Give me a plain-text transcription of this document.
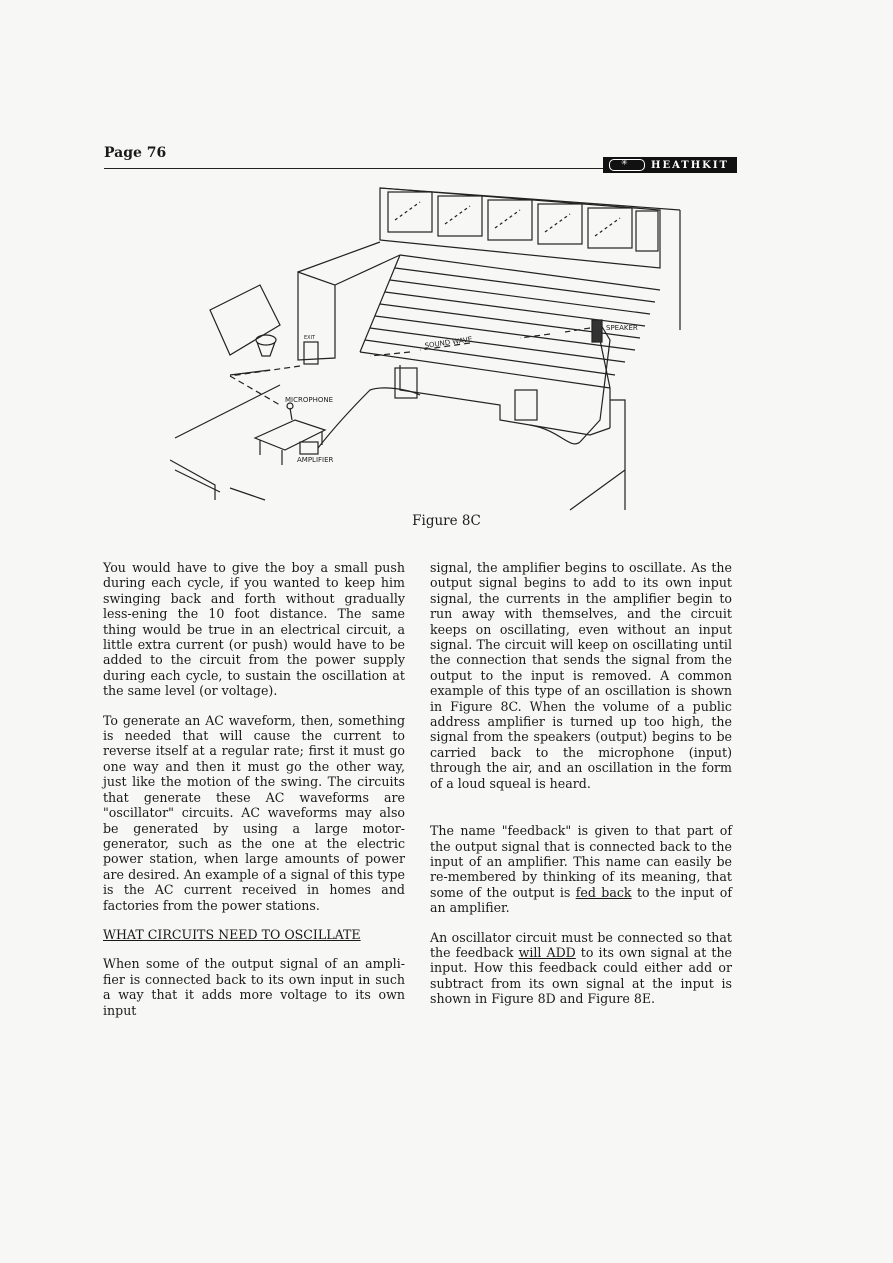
Page 76
✳
HEATHKIT
SPEAKER
SOUND WAVE
EXIT
MICROPHONE
AMPLIFIER
Figure 8C

You would have to give the boy a small push during each cycle, if you wanted to keep him swinging back and forth without gradually less-ening the 10 foot distance. The same thing would be true in an electrical circuit, a little extra current (or push) would have to be added to the circuit from the power supply during each cycle, to sustain the oscillation at the same level (or voltage).

To generate an AC waveform, then, something is needed that will cause the current to reverse itself at a regular rate; first it must go one way and then it must go the other way, just like the motion of the swing. The circuits that generate these AC waveforms are "oscillator" circuits. AC waveforms may also be generated by using a large motor-generator, such as the one at the electric power station, when large amounts of power are desired. An example of a signal of this type is the AC current received in homes and factories from the power stations.

WHAT CIRCUITS NEED TO OSCILLATE

When some of the output signal of an ampli-fier is connected back to its own input in such a way that it adds more voltage to its own input

signal, the amplifier begins to oscillate. As the output signal begins to add to its own input signal, the currents in the amplifier begin to run away with themselves, and the circuit keeps on oscillating, even without an input signal. The circuit will keep on oscillating until the connection that sends the signal from the output to the input is removed. A common example of this type of an oscillation is shown in Figure 8C. When the volume of a public address amplifier is turned up too high, the signal from the speakers (output) begins to be carried back to the microphone (input) through the air, and an oscillation in the form of a loud squeal is heard.

The name "feedback" is given to that part of the output signal that is connected back to the input of an amplifier. This name can easily be re-membered by thinking of its meaning, that some of the output is fed back to the input of an amplifier.

An oscillator circuit must be connected so that the feedback will ADD to its own signal at the input. How this feedback could either add or subtract from its own signal at the input is shown in Figure 8D and Figure 8E.
